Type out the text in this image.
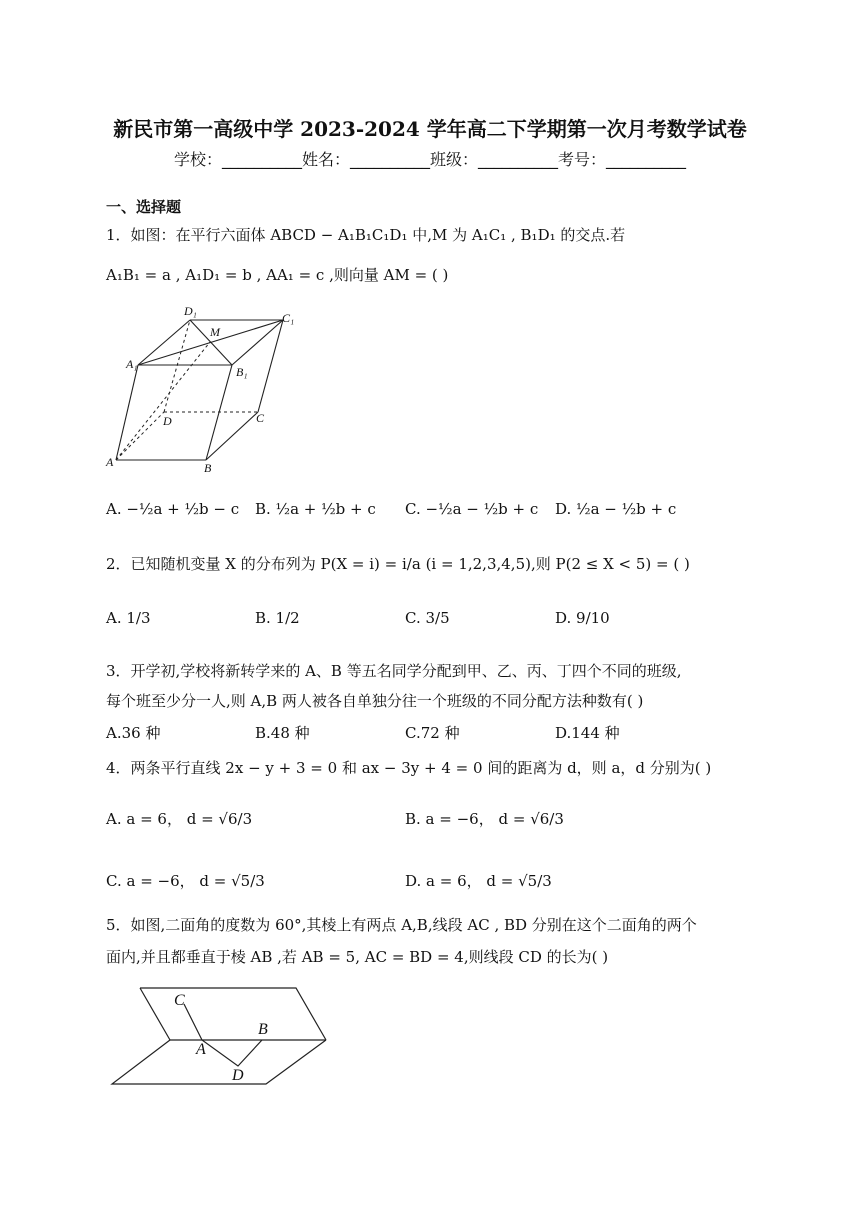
新民市第一高级中学 2023-2024 学年高二下学期第一次月考数学试卷
学校：__________姓名：__________班级：__________考号：__________
一、选择题
1．如图：在平行六面体 ABCD − A₁B₁C₁D₁ 中,M 为 A₁C₁ , B₁D₁ 的交点.若
A₁B₁ = a , A₁D₁ = b , AA₁ = c ,则向量 AM = ( )
D₁
M
C₁
A₁
B₁
D	C
A	B
A. −½a + ½b − c B. ½a + ½b + c C. −½a − ½b + c D. ½a − ½b + c
2．已知随机变量 X 的分布列为 P(X = i) = i/a (i = 1,2,3,4,5),则 P(2 ≤ X < 5) = ( )
A. 1/3	B. 1/2	C. 3/5	D. 9/10
3．开学初,学校将新转学来的 A、B 等五名同学分配到甲、乙、丙、丁四个不同的班级,
每个班至少分一人,则 A,B 两人被各自单独分往一个班级的不同分配方法种数有( )
A.36 种	B.48 种	C.72 种	D.144 种
4．两条平行直线 2x − y + 3 = 0 和 ax − 3y + 4 = 0 间的距离为 d，则 a，d 分别为( )
A. a = 6， d = √6/3	B. a = −6， d = √6/3
C. a = −6， d = √5/3	D. a = 6， d = √5/3
5．如图,二面角的度数为 60°,其棱上有两点 A,B,线段 AC , BD 分别在这个二面角的两个
面内,并且都垂直于棱 AB ,若 AB = 5, AC = BD = 4,则线段 CD 的长为( )
C
B
A
D
